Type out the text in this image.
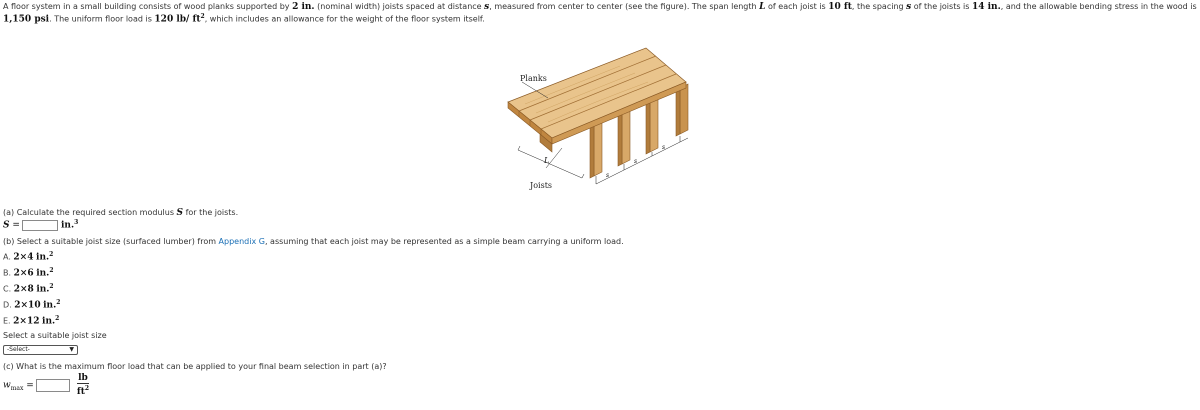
A floor system in a small building consists of wood planks supported by 2 in. (nominal width) joists spaced at distance s, measured from center to center (see the figure). The span length L of each joist is 10 ft, the spacing s of the joists is 14 in., and the allowable bending stress in the wood is 1,150 psi. The uniform floor load is 120 lb/ $ft^2$, which includes an allowance for the weight of the floor system itself.
Planks
Joists
L
s
s
s
(a) Calculate the required section modulus S for the joists.
S =	in.$^3$
(b) Select a suitable joist size (surfaced lumber) from Appendix G, assuming that each joist may be represented as a simple beam carrying a uniform load.
A. 2×4 in.$^2$
B. 2×6 in.$^2$
C. 2×8 in.$^2$
D. 2×10 in.$^2$
E. 2×12 in.$^2$
Select a suitable joist size
-Select-	▼
(c) What is the maximum floor load that can be applied to your final beam selection in part (a)?
$w_{max}$ =	$\frac{lb}{ft^2}$
